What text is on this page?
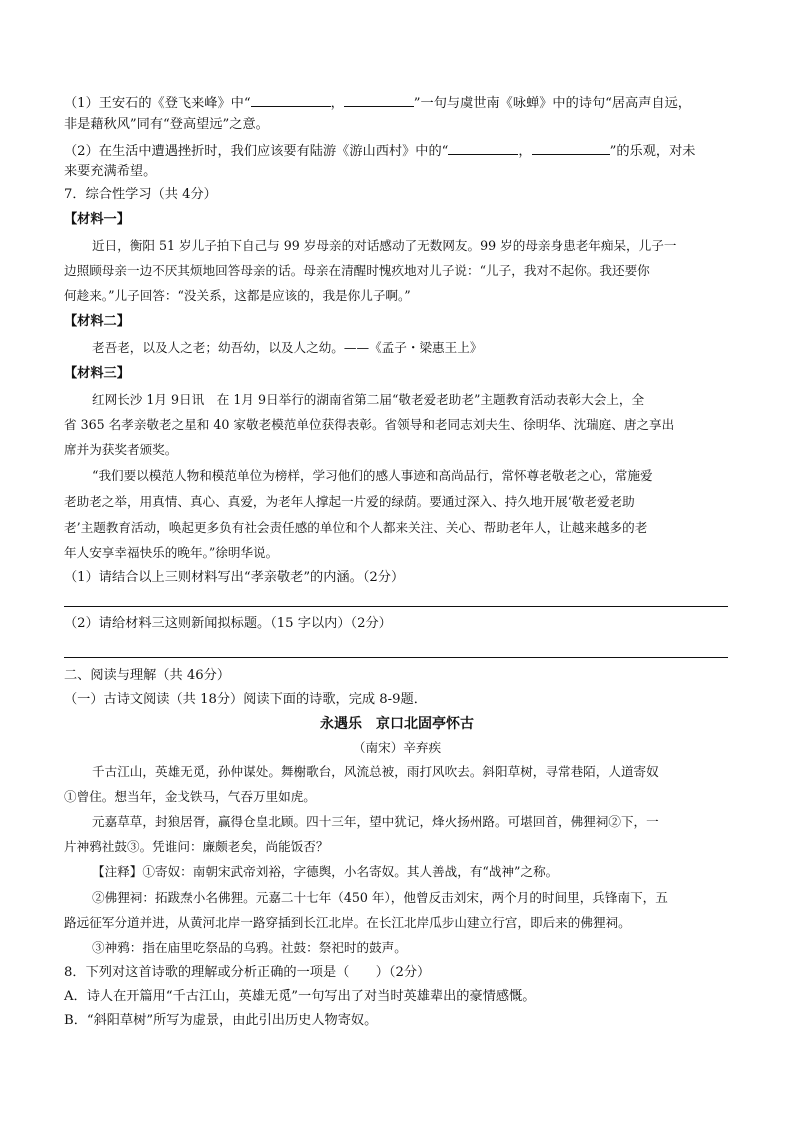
（1）王安石的《登飞来峰》中“	，	”一句与虞世南《咏蝉》中的诗句“居高声自远，
非是藉秋风”同有“登高望远”之意。
（2）在生活中遭遇挫折时，我们应该要有陆游《游山西村》中的“	，	”的乐观，对未
来要充满希望。
7．综合性学习（共 4分）
【材料一】
近日，衡阳 51 岁儿子拍下自己与 99 岁母亲的对话感动了无数网友。99 岁的母亲身患老年痴呆，儿子一
边照顾母亲一边不厌其烦地回答母亲的话。母亲在清醒时愧疚地对儿子说：“儿子，我对不起你。我还要你
何趁来。”儿子回答：“没关系，这都是应该的，我是你儿子啊。”
【材料二】
老吾老，以及人之老；幼吾幼，以及人之幼。——《孟子・梁惠王上》
【材料三】
红网长沙 1月 9日讯　在 1月 9日举行的湖南省第二届“敬老爱老助老”主题教育活动表彰大会上，全
省 365 名孝亲敬老之星和 40 家敬老模范单位获得表彰。省领导和老同志刘夫生、徐明华、沈瑞庭、唐之享出
席并为获奖者颁奖。
“我们要以模范人物和模范单位为榜样，学习他们的感人事迹和高尚品行，常怀尊老敬老之心，常施爱
老助老之举，用真情、真心、真爱，为老年人撑起一片爱的绿荫。要通过深入、持久地开展‘敬老爱老助
老’主题教育活动，唤起更多负有社会责任感的单位和个人都来关注、关心、帮助老年人，让越来越多的老
年人安享幸福快乐的晚年。”徐明华说。
（1）请结合以上三则材料写出“孝亲敬老”的内涵。（2分）
（2）请给材料三这则新闻拟标题。（15 字以内）（2分）
二、阅读与理解（共 46分）
（一）古诗文阅读（共 18分）阅读下面的诗歌，完成 8-9题．
永遇乐　京口北固亭怀古
（南宋）辛弃疾
千古江山，英雄无觅，孙仲谋处。舞榭歌台，风流总被，雨打风吹去。斜阳草树，寻常巷陌，人道寄奴
①曾住。想当年，金戈铁马，气吞万里如虎。
元嘉草草，封狼居胥，赢得仓皇北顾。四十三年，望中犹记，烽火扬州路。可堪回首，佛狸祠②下，一
片神鸦社鼓③。凭谁问：廉颇老矣，尚能饭否？
【注释】①寄奴：南朝宋武帝刘裕，字德舆，小名寄奴。其人善战，有“战神”之称。
②佛狸祠：拓跋焘小名佛狸。元嘉二十七年（450 年），他曾反击刘宋，两个月的时间里，兵锋南下，五
路远征军分道并进，从黄河北岸一路穿插到长江北岸。在长江北岸瓜步山建立行宫，即后来的佛狸祠。
③神鸦：指在庙里吃祭品的乌鸦。社鼓：祭祀时的鼓声。
8．下列对这首诗歌的理解或分析正确的一项是（　　）（2分）
A．诗人在开篇用“千古江山，英雄无觅”一句写出了对当时英雄辈出的豪情感慨。
B．“斜阳草树”所写为虚景，由此引出历史人物寄奴。
